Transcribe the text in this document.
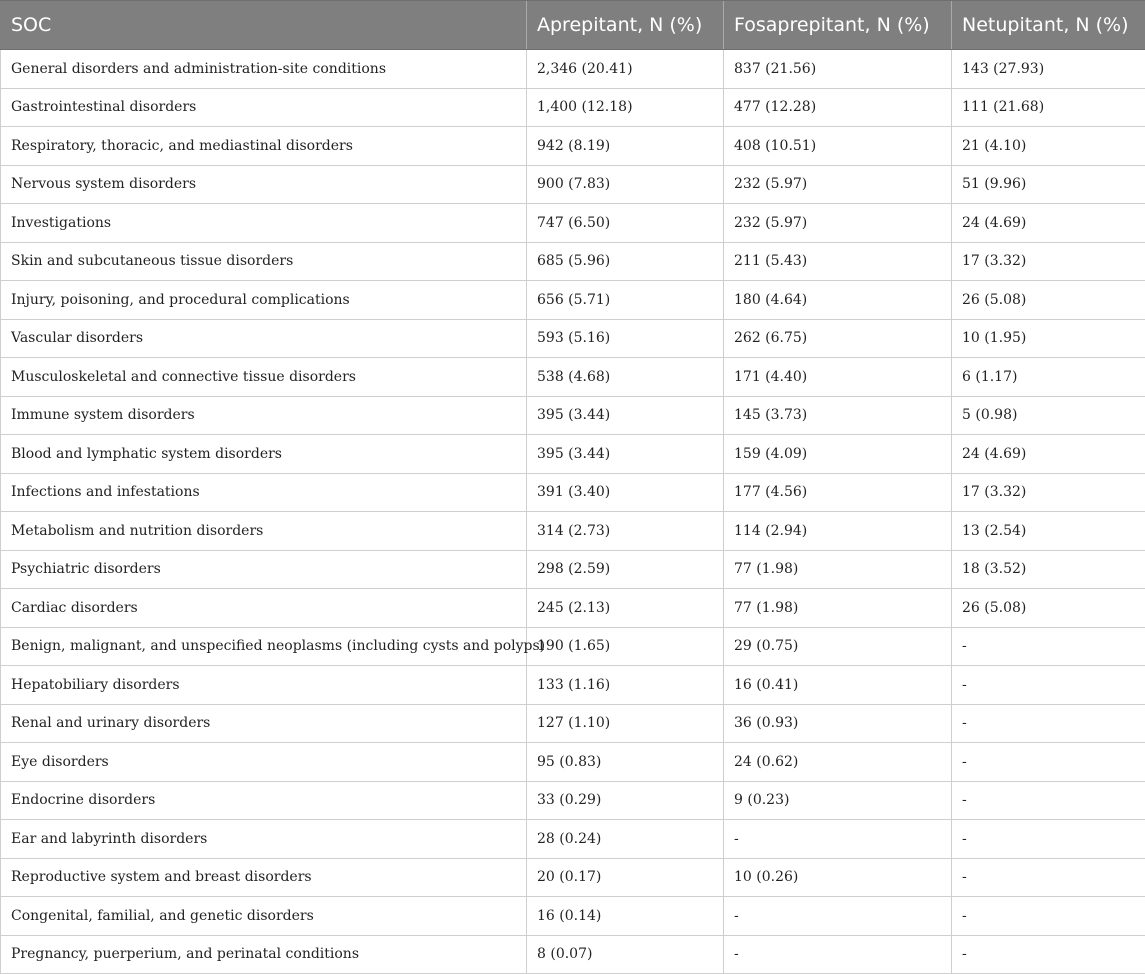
SOC	Aprepitant, N (%)	Fosaprepitant, N (%)	Netupitant, N (%)
General disorders and administration-site conditions	2,346 (20.41)	837 (21.56)	143 (27.93)
Gastrointestinal disorders	1,400 (12.18)	477 (12.28)	111 (21.68)
Respiratory, thoracic, and mediastinal disorders	942 (8.19)	408 (10.51)	21 (4.10)
Nervous system disorders	900 (7.83)	232 (5.97)	51 (9.96)
Investigations	747 (6.50)	232 (5.97)	24 (4.69)
Skin and subcutaneous tissue disorders	685 (5.96)	211 (5.43)	17 (3.32)
Injury, poisoning, and procedural complications	656 (5.71)	180 (4.64)	26 (5.08)
Vascular disorders	593 (5.16)	262 (6.75)	10 (1.95)
Musculoskeletal and connective tissue disorders	538 (4.68)	171 (4.40)	6 (1.17)
Immune system disorders	395 (3.44)	145 (3.73)	5 (0.98)
Blood and lymphatic system disorders	395 (3.44)	159 (4.09)	24 (4.69)
Infections and infestations	391 (3.40)	177 (4.56)	17 (3.32)
Metabolism and nutrition disorders	314 (2.73)	114 (2.94)	13 (2.54)
Psychiatric disorders	298 (2.59)	77 (1.98)	18 (3.52)
Cardiac disorders	245 (2.13)	77 (1.98)	26 (5.08)
Benign, malignant, and unspecified neoplasms (including cysts and polyps)	190 (1.65)	29 (0.75)	-
Hepatobiliary disorders	133 (1.16)	16 (0.41)	-
Renal and urinary disorders	127 (1.10)	36 (0.93)	-
Eye disorders	95 (0.83)	24 (0.62)	-
Endocrine disorders	33 (0.29)	9 (0.23)	-
Ear and labyrinth disorders	28 (0.24)	-	-
Reproductive system and breast disorders	20 (0.17)	10 (0.26)	-
Congenital, familial, and genetic disorders	16 (0.14)	-	-
Pregnancy, puerperium, and perinatal conditions	8 (0.07)	-	-
